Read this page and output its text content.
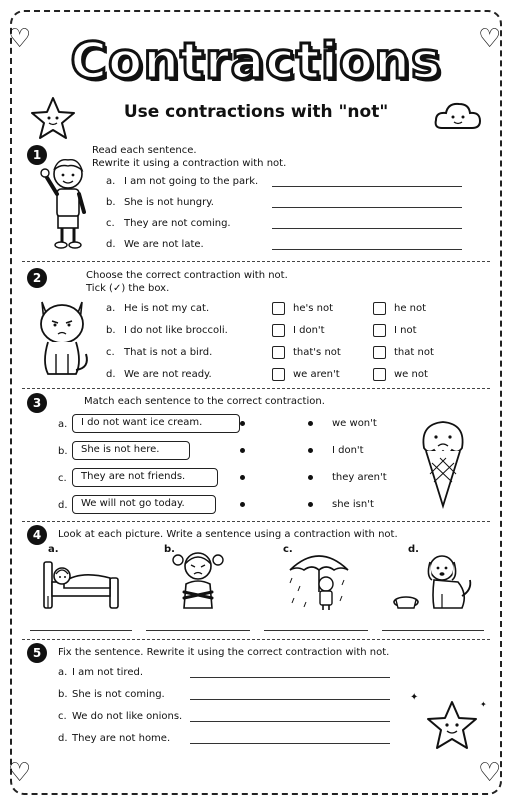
♡	♡
♡	♡
Contractions
Use contractions with "not"
1	Read each sentence.
Rewrite it using a contraction with not.
a. I am not going to the park.
b. She is not hungry.
c. They are not coming.
d. We are not late.
2	Choose the correct contraction with not.
Tick (✓) the box.
a. He is not my cat.	he's not	he not
b. I do not like broccoli.	I don't	I not
c. That is not a bird.	that's not	that not
d. We are not ready.	we aren't	we not
3	Match each sentence to the correct contraction.
a.	I do not want ice cream.
b.	She is not here.
c.	They are not friends.
d.	We will not go today.
we won't
I don't
they aren't
she isn't
4	Look at each picture. Write a sentence using a contraction with not.
a.	b.	c.	d.
5	Fix the sentence. Rewrite it using the correct contraction with not.
a. I am not tired.
b. She is not coming.
c. We do not like onions.
d. They are not home.
✦
✦
